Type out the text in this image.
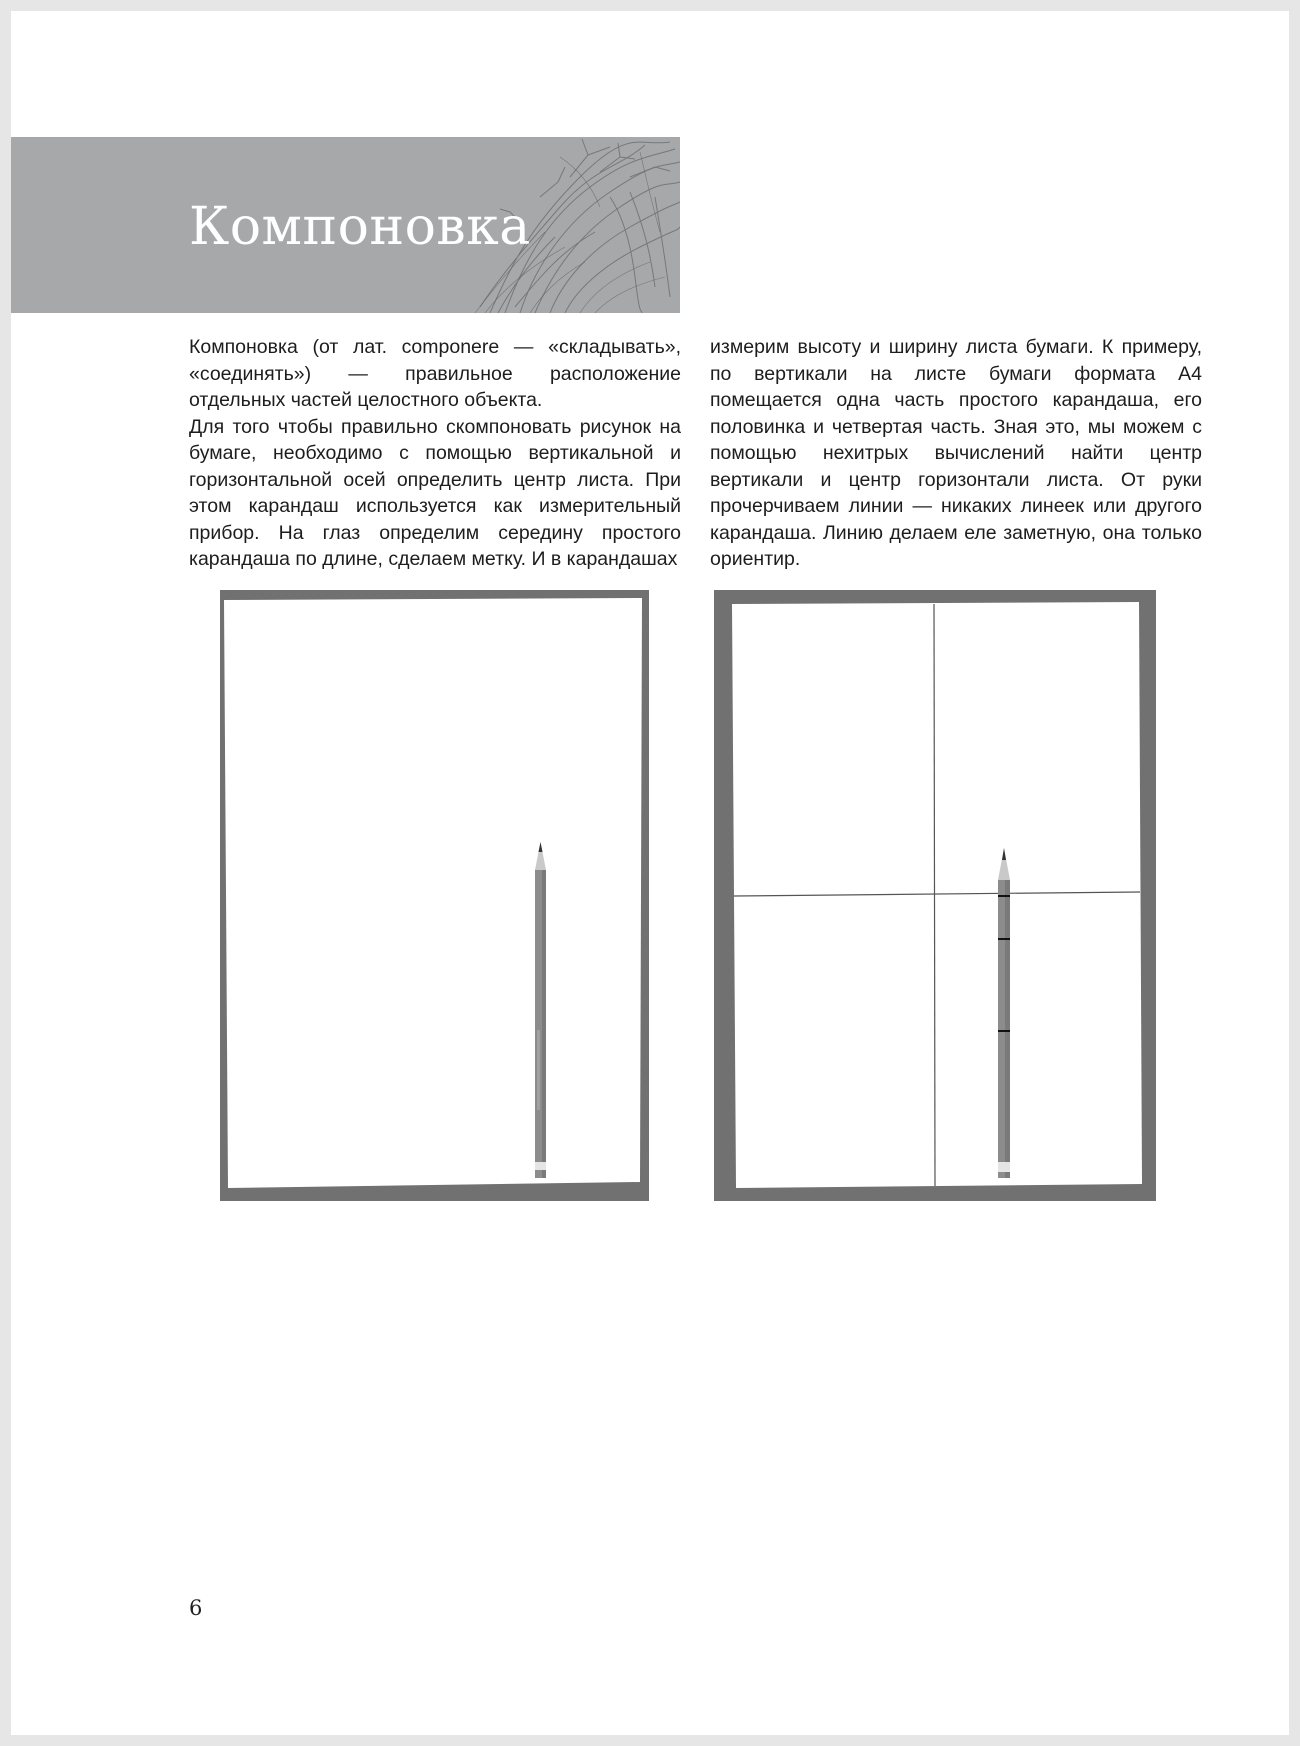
Компоновка

Компоновка (от лат. componere — «складывать», «соединять») — правильное расположение отдельных частей целостного объекта.

Для того чтобы правильно скомпоновать рисунок на бумаге, необходимо с помощью вертикальной и горизонтальной осей определить центр листа. При этом карандаш используется как измерительный прибор. На глаз определим середину простого карандаша по длине, сделаем метку. И в карандашах

измерим высоту и ширину листа бумаги. К примеру, по вертикали на листе бумаги формата А4 помещается одна часть простого карандаша, его половинка и четвертая часть. Зная это, мы можем с помощью нехитрых вычислений найти центр вертикали и центр горизонтали листа. От руки прочерчиваем линии — никаких линеек или другого карандаша. Линию делаем еле заметную, она только ориентир.

6
